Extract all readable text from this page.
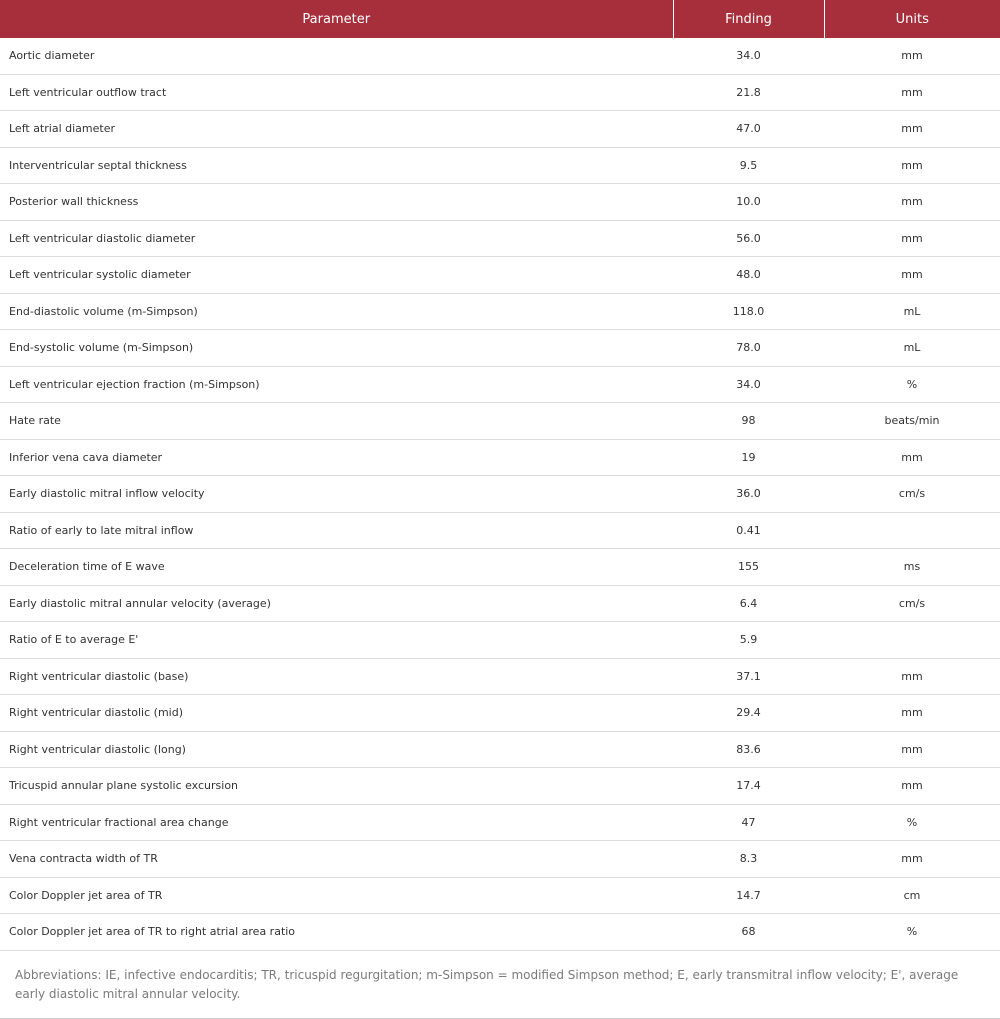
Parameter	Finding	Units
Aortic diameter	34.0	mm
Left ventricular outflow tract	21.8	mm
Left atrial diameter	47.0	mm
Interventricular septal thickness	9.5	mm
Posterior wall thickness	10.0	mm
Left ventricular diastolic diameter	56.0	mm
Left ventricular systolic diameter	48.0	mm
End-diastolic volume (m-Simpson)	118.0	mL
End-systolic volume (m-Simpson)	78.0	mL
Left ventricular ejection fraction (m-Simpson)	34.0	%
Hate rate	98	beats/min
Inferior vena cava diameter	19	mm
Early diastolic mitral inflow velocity	36.0	cm/s
Ratio of early to late mitral inflow	0.41	
Deceleration time of E wave	155	ms
Early diastolic mitral annular velocity (average)	6.4	cm/s
Ratio of E to average E'	5.9	
Right ventricular diastolic (base)	37.1	mm
Right ventricular diastolic (mid)	29.4	mm
Right ventricular diastolic (long)	83.6	mm
Tricuspid annular plane systolic excursion	17.4	mm
Right ventricular fractional area change	47	%
Vena contracta width of TR	8.3	mm
Color Doppler jet area of TR	14.7	cm
Color Doppler jet area of TR to right atrial area ratio	68	%
Abbreviations: IE, infective endocarditis; TR, tricuspid regurgitation; m-Simpson = modified Simpson method; E, early transmitral inflow velocity; E', average early diastolic mitral annular velocity.
